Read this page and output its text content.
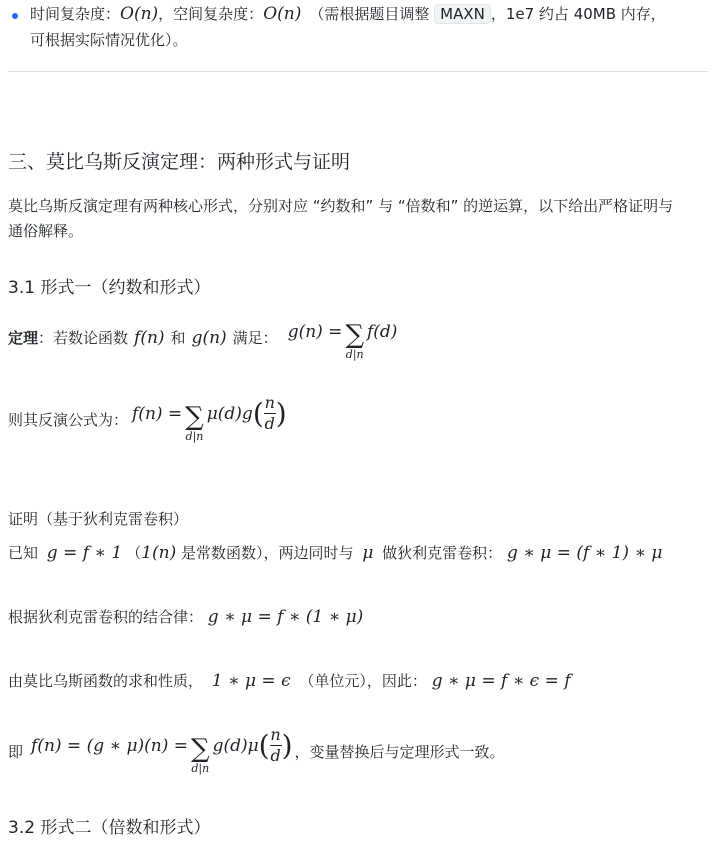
时间复杂度：O(n)，空间复杂度：O(n) （需根据题目调整 MAXN ，1e7 约占 40MB 内存，
可根据实际情况优化）。
三、莫比乌斯反演定理：两种形式与证明
莫比乌斯反演定理有两种核心形式，分别对应 “约数和” 与 “倍数和” 的逆运算，以下给出严格证明与
通俗解释。
3.1 形式一（约数和形式）
定理 ：若数论函数 f(n) 和 g(n) 满足： g(n) = ∑
d|n
f(d)
则其反演公式为： f(n) = ∑
d|n
μ(d)g ( $\frac{n}{d}$ )
证明（基于狄利克雷卷积）
已知 g = f ∗ 1 （1(n) 是常数函数），两边同时与 μ 做狄利克雷卷积： g ∗ μ = (f ∗ 1) ∗ μ
根据狄利克雷卷积的结合律： g ∗ μ = f ∗ (1 ∗ μ)
由莫比乌斯函数的求和性质， 1 ∗ μ = ϵ （单位元），因此： g ∗ μ = f ∗ ϵ = f
即 f(n) = (g ∗ μ)(n) = ∑
d|n
g(d)μ ( $\frac{n}{d}$ ) ，变量替换后与定理形式一致。
3.2 形式二（倍数和形式）
